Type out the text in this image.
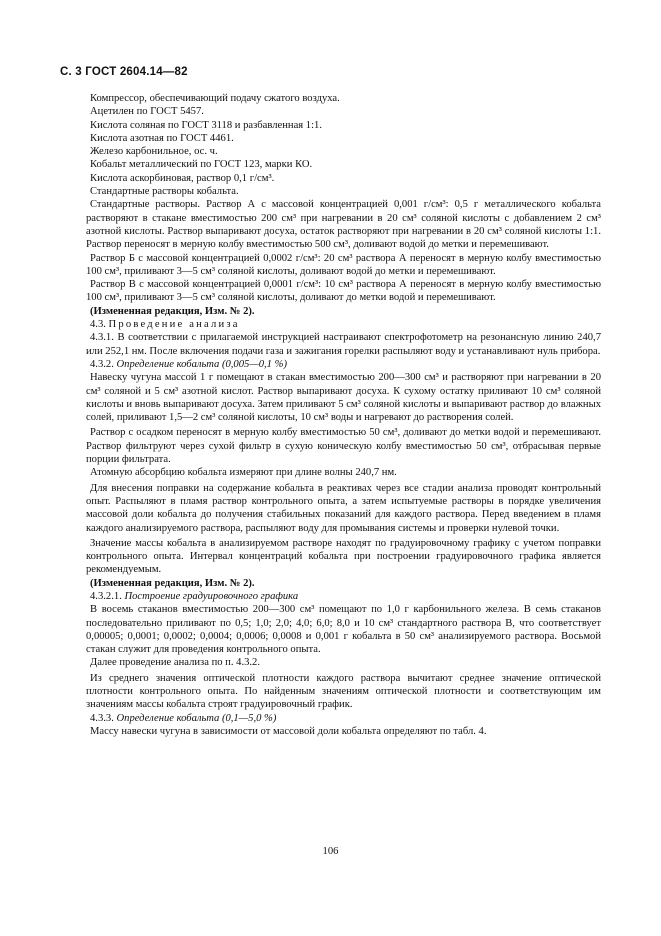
С. 3 ГОСТ 2604.14—82

Компрессор, обеспечивающий подачу сжатого воздуха.

Ацетилен по ГОСТ 5457.

Кислота соляная по ГОСТ 3118 и разбавленная 1:1.

Кислота азотная по ГОСТ 4461.

Железо карбонильное, ос. ч.

Кобальт металлический по ГОСТ 123, марки КО.

Кислота аскорбиновая, раствор 0,1 г/см³.

Стандартные растворы кобальта.

Стандартные растворы. Раствор А с массовой концентрацией 0,001 г/см³: 0,5 г металлического кобальта растворяют в стакане вместимостью 200 см³ при нагревании в 20 см³ соляной кислоты с добавлением 2 см³ азотной кислоты. Раствор выпаривают досуха, остаток растворяют при нагревании в 20 см³ соляной кислоты 1:1. Раствор переносят в мерную колбу вместимостью 500 см³, доливают водой до метки и перемешивают.

Раствор Б с массовой концентрацией 0,0002 г/см³: 20 см³ раствора А переносят в мерную колбу вместимостью 100 см³, приливают 3—5 см³ соляной кислоты, доливают водой до метки и перемешивают.

Раствор В с массовой концентрацией 0,0001 г/см³: 10 см³ раствора А переносят в мерную колбу вместимостью 100 см³, приливают 3—5 см³ соляной кислоты, доливают до метки водой и перемешивают.

(Измененная редакция, Изм. № 2).

4.3. Проведение анализа

4.3.1. В соответствии с прилагаемой инструкцией настраивают спектрофотометр на резонансную линию 240,7 или 252,1 нм. После включения подачи газа и зажигания горелки распыляют воду и устанавливают нуль прибора.

4.3.2. Определение кобальта (0,005—0,1 %)

Навеску чугуна массой 1 г помещают в стакан вместимостью 200—300 см³ и растворяют при нагревании в 20 см³ соляной и 5 см³ азотной кислот. Раствор выпаривают досуха. К сухому остатку приливают 10 см³ соляной кислоты и вновь выпаривают досуха. Затем приливают 5 см³ соляной кислоты и выпаривают раствор до влажных солей, приливают 1,5—2 см³ соляной кислоты, 10 см³ воды и нагревают до растворения солей.

Раствор с осадком переносят в мерную колбу вместимостью 50 см³, доливают до метки водой и перемешивают. Раствор фильтруют через сухой фильтр в сухую коническую колбу вместимостью 50 см³, отбрасывая первые порции фильтрата.

Атомную абсорбцию кобальта измеряют при длине волны 240,7 нм.

Для внесения поправки на содержание кобальта в реактивах через все стадии анализа проводят контрольный опыт. Распыляют в пламя раствор контрольного опыта, а затем испытуемые растворы в порядке увеличения массовой доли кобальта до получения стабильных показаний для каждого раствора. Перед введением в пламя каждого анализируемого раствора, распыляют воду для промывания системы и проверки нулевой точки.

Значение массы кобальта в анализируемом растворе находят по градуировочному графику с учетом поправки контрольного опыта. Интервал концентраций кобальта при построении градуировочного графика является рекомендуемым.

(Измененная редакция, Изм. № 2).

4.3.2.1. Построение градуировочного графика

В восемь стаканов вместимостью 200—300 см³ помещают по 1,0 г карбонильного железа. В семь стаканов последовательно приливают по 0,5; 1,0; 2,0; 4,0; 6,0; 8,0 и 10 см³ стандартного раствора В, что соответствует 0,00005; 0,0001; 0,0002; 0,0004; 0,0006; 0,0008 и 0,001 г кобальта в 50 см³ анализируемого раствора. Восьмой стакан служит для проведения контрольного опыта.

Далее проведение анализа по п. 4.3.2.

Из среднего значения оптической плотности каждого раствора вычитают среднее значение оптической плотности контрольного опыта. По найденным значениям оптической плотности и соответствующим им значениям массы кобальта строят градуировочный график.

4.3.3. Определение кобальта (0,1—5,0 %)

Массу навески чугуна в зависимости от массовой доли кобальта определяют по табл. 4.

106
